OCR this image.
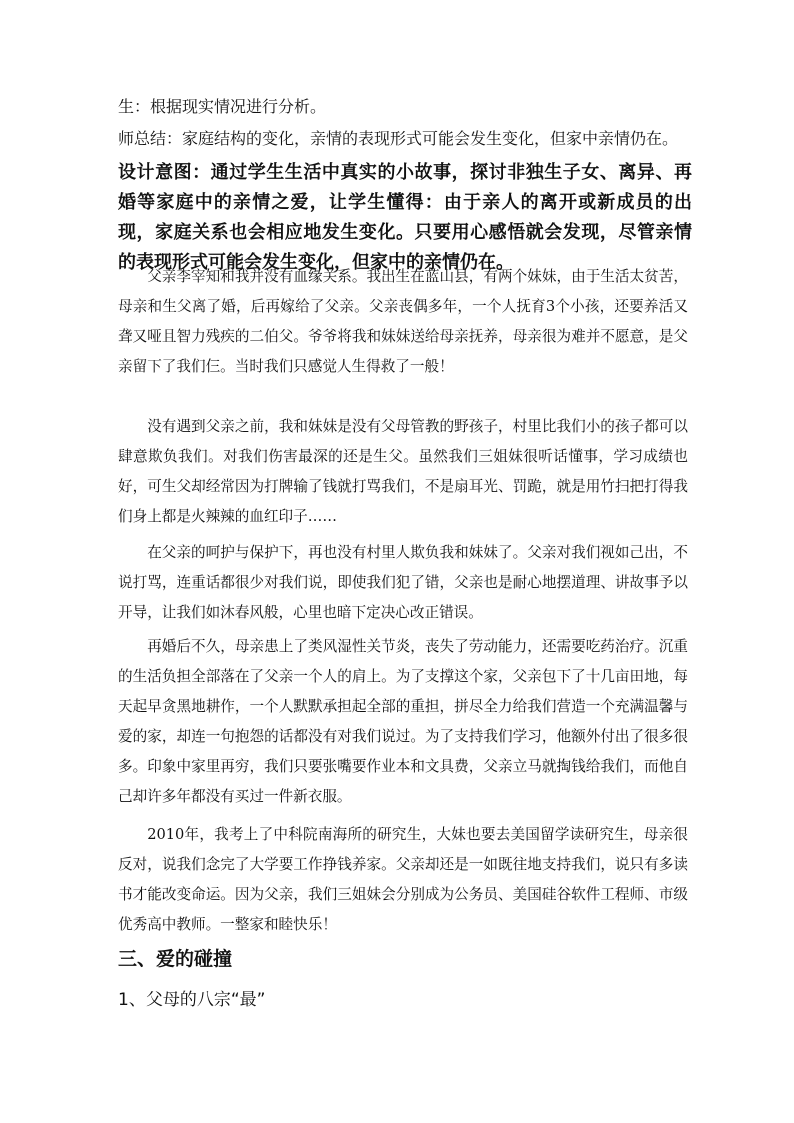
生：根据现实情况进行分析。

师总结：家庭结构的变化，亲情的表现形式可能会发生变化，但家中亲情仍在。

设计意图：通过学生生活中真实的小故事，探讨非独生子女、离异、再婚等家庭中的亲情之爱，让学生懂得：由于亲人的离开或新成员的出现，家庭关系也会相应地发生变化。只要用心感悟就会发现，尽管亲情的表现形式可能会发生变化，但家中的亲情仍在。

父亲李宰知和我并没有血缘关系。我出生在蓝山县，有两个妹妹，由于生活太贫苦，母亲和生父离了婚，后再嫁给了父亲。父亲丧偶多年，一个人抚育3个小孩，还要养活又聋又哑且智力残疾的二伯父。爷爷将我和妹妹送给母亲抚养，母亲很为难并不愿意，是父亲留下了我们仨。当时我们只感觉人生得救了一般！

没有遇到父亲之前，我和妹妹是没有父母管教的野孩子，村里比我们小的孩子都可以肆意欺负我们。对我们伤害最深的还是生父。虽然我们三姐妹很听话懂事，学习成绩也好，可生父却经常因为打牌输了钱就打骂我们，不是扇耳光、罚跪，就是用竹扫把打得我们身上都是火辣辣的血红印子……

在父亲的呵护与保护下，再也没有村里人欺负我和妹妹了。父亲对我们视如己出，不说打骂，连重话都很少对我们说，即使我们犯了错，父亲也是耐心地摆道理、讲故事予以开导，让我们如沐春风般，心里也暗下定决心改正错误。

再婚后不久，母亲患上了类风湿性关节炎，丧失了劳动能力，还需要吃药治疗。沉重的生活负担全部落在了父亲一个人的肩上。为了支撑这个家，父亲包下了十几亩田地，每天起早贪黑地耕作，一个人默默承担起全部的重担，拼尽全力给我们营造一个充满温馨与爱的家，却连一句抱怨的话都没有对我们说过。为了支持我们学习，他额外付出了很多很多。印象中家里再穷，我们只要张嘴要作业本和文具费，父亲立马就掏钱给我们，而他自己却许多年都没有买过一件新衣服。

2010年，我考上了中科院南海所的研究生，大妹也要去美国留学读研究生，母亲很反对，说我们念完了大学要工作挣钱养家。父亲却还是一如既往地支持我们，说只有多读书才能改变命运。因为父亲，我们三姐妹会分别成为公务员、美国硅谷软件工程师、市级优秀高中教师。一整家和睦快乐！

三、爱的碰撞

1、父母的八宗“最”
